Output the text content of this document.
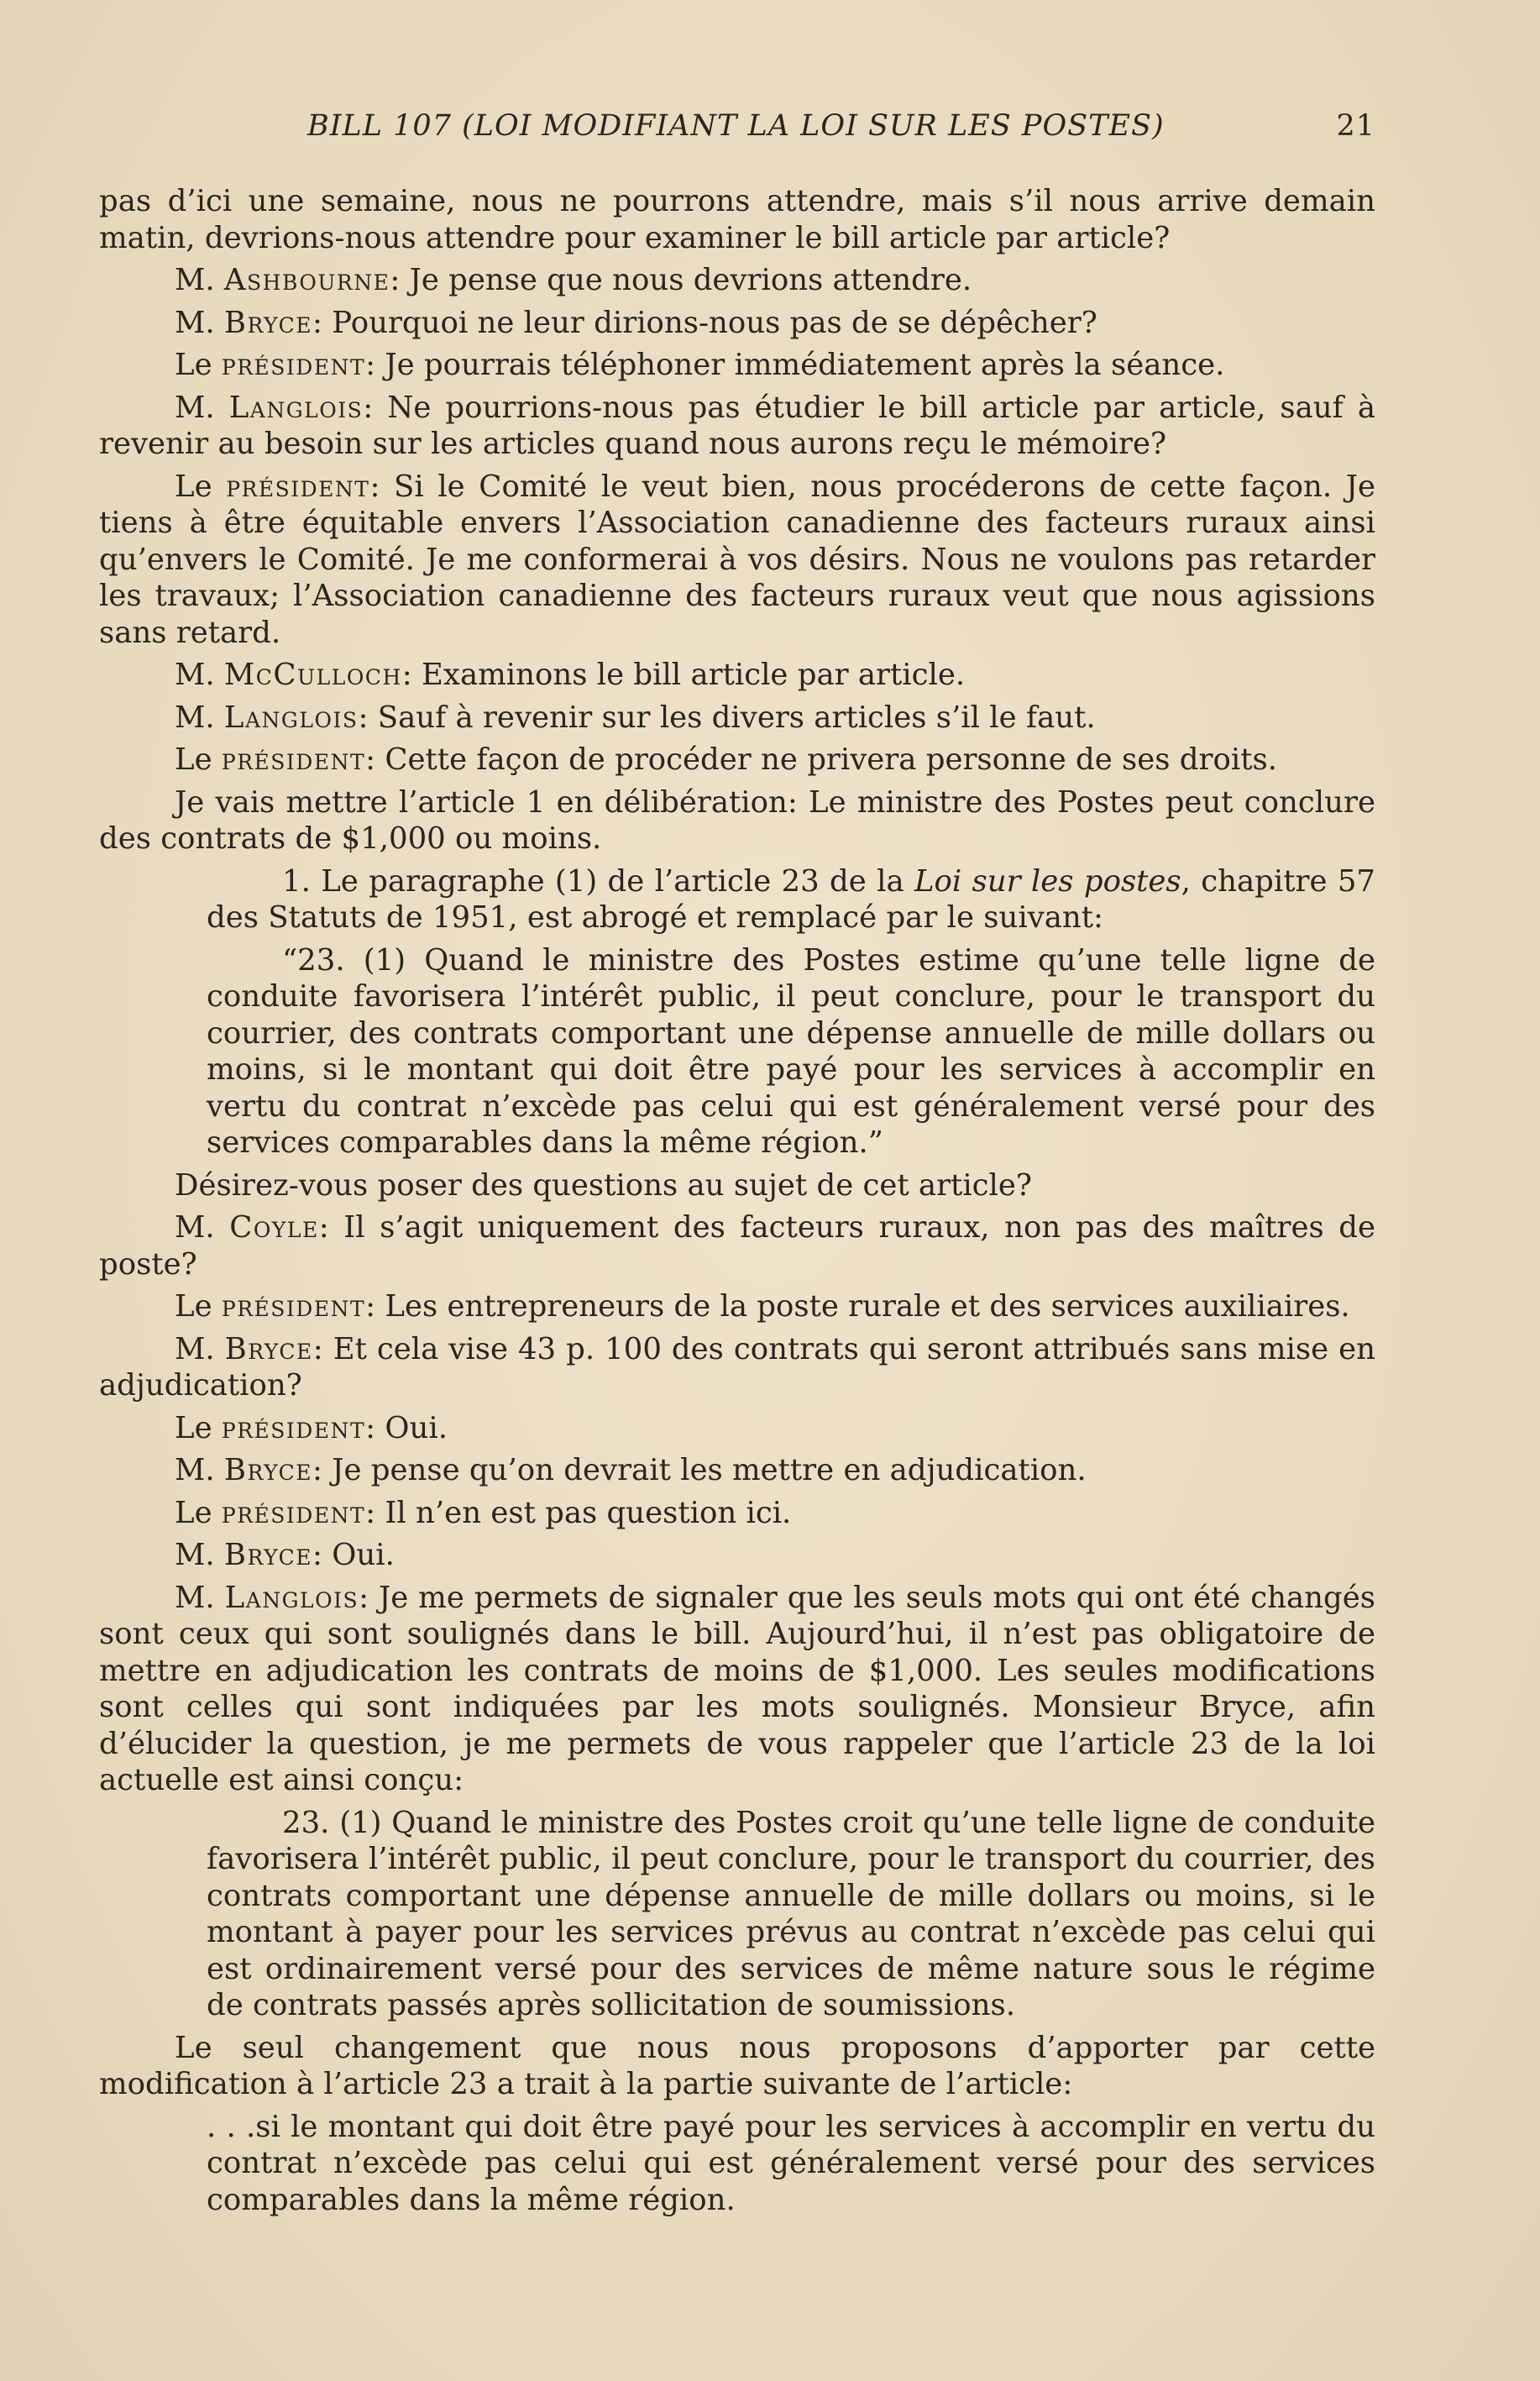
BILL 107 (LOI MODIFIANT LA LOI SUR LES POSTES)	21

pas d’ici une semaine, nous ne pourrons attendre, mais s’il nous arrive demain matin, devrions-nous attendre pour examiner le bill article par article?

M. Ashbourne: Je pense que nous devrions attendre.

M. Bryce: Pourquoi ne leur dirions-nous pas de se dépêcher?

Le président: Je pourrais téléphoner immédiatement après la séance.

M. Langlois: Ne pourrions-nous pas étudier le bill article par article, sauf à revenir au besoin sur les articles quand nous aurons reçu le mémoire?

Le président: Si le Comité le veut bien, nous procéderons de cette façon. Je tiens à être équitable envers l’Association canadienne des facteurs ruraux ainsi qu’envers le Comité. Je me conformerai à vos désirs. Nous ne voulons pas retarder les travaux; l’Association canadienne des facteurs ruraux veut que nous agissions sans retard.

M. McCulloch: Examinons le bill article par article.

M. Langlois: Sauf à revenir sur les divers articles s’il le faut.

Le président: Cette façon de procéder ne privera personne de ses droits.

Je vais mettre l’article 1 en délibération: Le ministre des Postes peut conclure des contrats de $1,000 ou moins.

1. Le paragraphe (1) de l’article 23 de la Loi sur les postes, chapitre 57 des Statuts de 1951, est abrogé et remplacé par le suivant:

“23. (1) Quand le ministre des Postes estime qu’une telle ligne de conduite favorisera l’intérêt public, il peut conclure, pour le transport du courrier, des contrats comportant une dépense annuelle de mille dollars ou moins, si le montant qui doit être payé pour les services à accomplir en vertu du contrat n’excède pas celui qui est généralement versé pour des services comparables dans la même région.”

Désirez-vous poser des questions au sujet de cet article?

M. Coyle: Il s’agit uniquement des facteurs ruraux, non pas des maîtres de poste?

Le président: Les entrepreneurs de la poste rurale et des services auxiliaires.

M. Bryce: Et cela vise 43 p. 100 des contrats qui seront attribués sans mise en adjudication?

Le président: Oui.

M. Bryce: Je pense qu’on devrait les mettre en adjudication.

Le président: Il n’en est pas question ici.

M. Bryce: Oui.

M. Langlois: Je me permets de signaler que les seuls mots qui ont été changés sont ceux qui sont soulignés dans le bill. Aujourd’hui, il n’est pas obligatoire de mettre en adjudication les contrats de moins de $1,000. Les seules modifications sont celles qui sont indiquées par les mots soulignés. Monsieur Bryce, afin d’élucider la question, je me permets de vous rappeler que l’article 23 de la loi actuelle est ainsi conçu:

23. (1) Quand le ministre des Postes croit qu’une telle ligne de conduite favorisera l’intérêt public, il peut conclure, pour le transport du courrier, des contrats comportant une dépense annuelle de mille dollars ou moins, si le montant à payer pour les services prévus au contrat n’excède pas celui qui est ordinairement versé pour des services de même nature sous le régime de contrats passés après sollicitation de soumissions.

Le seul changement que nous nous proposons d’apporter par cette modification à l’article 23 a trait à la partie suivante de l’article:

. . .si le montant qui doit être payé pour les services à accomplir en vertu du contrat n’excède pas celui qui est généralement versé pour des services comparables dans la même région.
